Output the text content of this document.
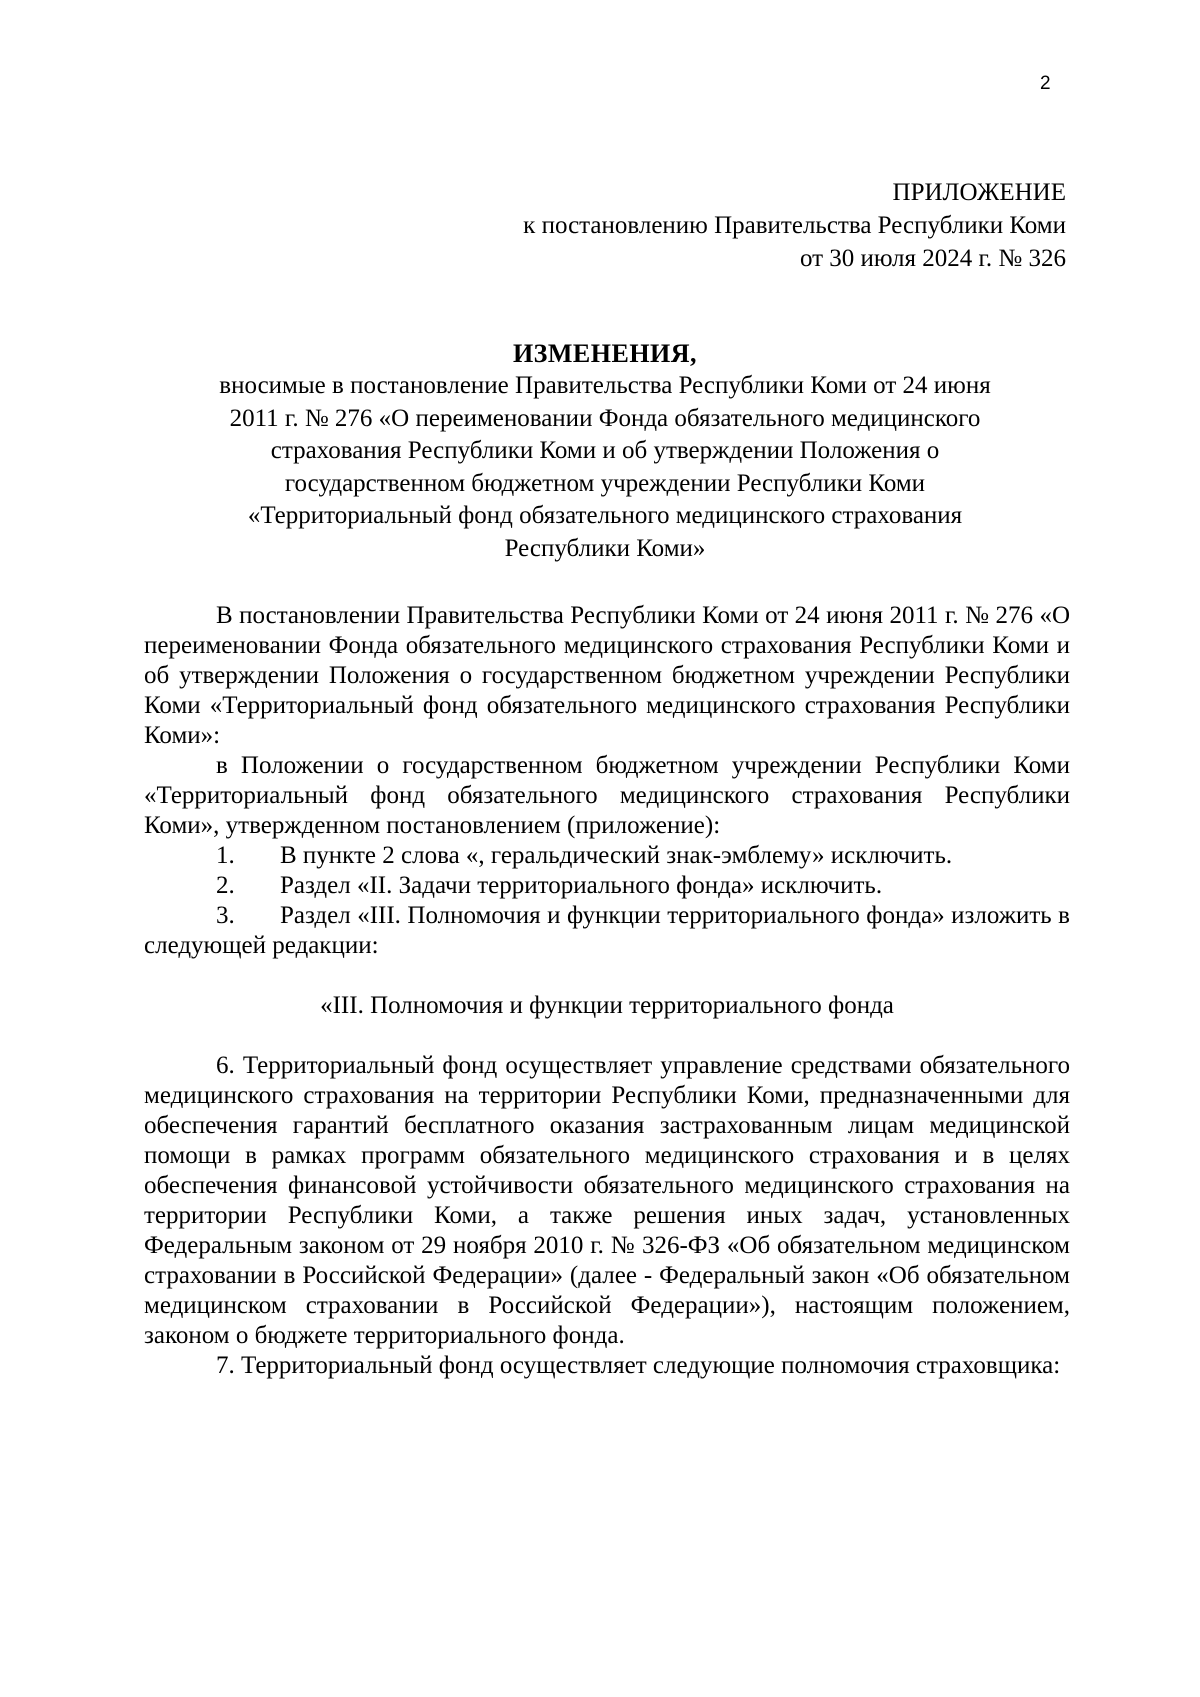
2
ПРИЛОЖЕНИЕ
к постановлению Правительства Республики Коми
от 30 июля 2024 г. № 326
ИЗМЕНЕНИЯ,
вносимые в постановление Правительства Республики Коми от 24 июня
2011 г. № 276 «О переименовании Фонда обязательного медицинского
страхования Республики Коми и об утверждении Положения о
государственном бюджетном учреждении Республики Коми
«Территориальный фонд обязательного медицинского страхования
Республики Коми»

В постановлении Правительства Республики Коми от 24 июня 2011 г. № 276 «О переименовании Фонда обязательного медицинского страхования Республики Коми и об утверждении Положения о государственном бюджетном учреждении Республики Коми «Территориальный фонд обязательного медицинского страхования Республики Коми»:

в Положении о государственном бюджетном учреждении Республики Коми «Территориальный фонд обязательного медицинского страхования Республики Коми», утвержденном постановлением (приложение):

1. В пункте 2 слова «, геральдический знак-эмблему» исключить.

2. Раздел «II. Задачи территориального фонда» исключить.

3. Раздел «III. Полномочия и функции территориального фонда» изложить в следующей редакции:

«III. Полномочия и функции территориального фонда

6. Территориальный фонд осуществляет управление средствами обязательного медицинского страхования на территории Республики Коми, предназначенными для обеспечения гарантий бесплатного оказания застрахованным лицам медицинской помощи в рамках программ обязательного медицинского страхования и в целях обеспечения финансовой устойчивости обязательного медицинского страхования на территории Республики Коми, а также решения иных задач, установленных Федеральным законом от 29 ноября 2010 г. № 326-ФЗ «Об обязательном медицинском страховании в Российской Федерации» (далее - Федеральный закон «Об обязательном медицинском страховании в Российской Федерации»), настоящим положением, законом о бюджете территориального фонда.

7. Территориальный фонд осуществляет следующие полномочия страховщика:
